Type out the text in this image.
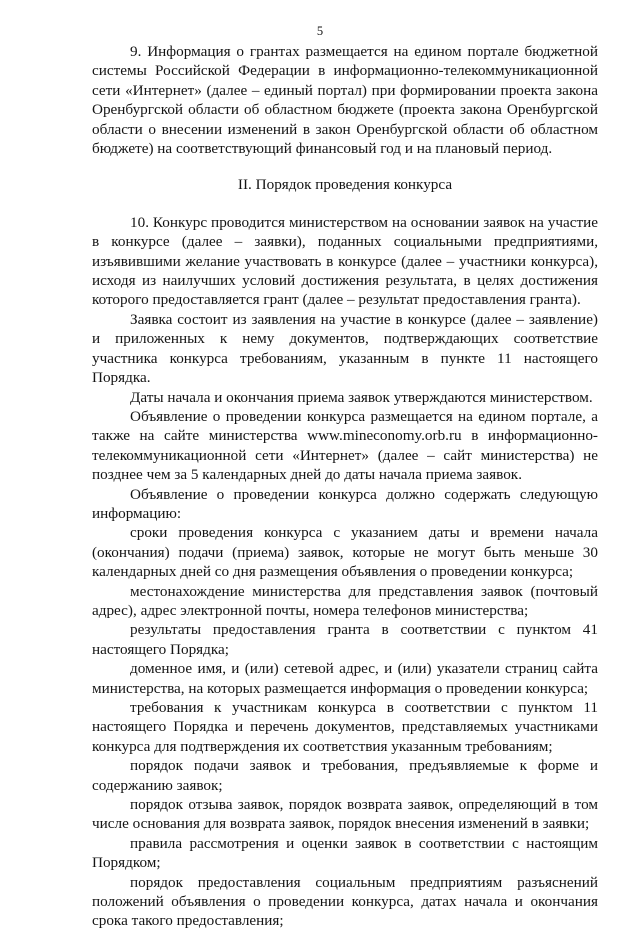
5

9. Информация о грантах размещается на едином портале бюджетной системы Российской Федерации в информационно-телекоммуникационной сети «Интернет» (далее – единый портал) при формировании проекта закона Оренбургской области об областном бюджете (проекта закона Оренбургской области о внесении изменений в закон Оренбургской области об областном бюджете) на соответствующий финансовый год и на плановый период.

II. Порядок проведения конкурса

10. Конкурс проводится министерством на основании заявок на участие в конкурсе (далее – заявки), поданных социальными предприятиями, изъявившими желание участвовать в конкурсе (далее – участники конкурса), исходя из наилучших условий достижения результата, в целях достижения которого предоставляется грант (далее – результат предоставления гранта).

Заявка состоит из заявления на участие в конкурсе (далее – заявление) и приложенных к нему документов, подтверждающих соответствие участника конкурса требованиям, указанным в пункте 11 настоящего Порядка.

Даты начала и окончания приема заявок утверждаются министерством.

Объявление о проведении конкурса размещается на едином портале, а также на сайте министерства www.mineconomy.orb.ru в информационно-телекоммуникационной сети «Интернет» (далее – сайт министерства) не позднее чем за 5 календарных дней до даты начала приема заявок.

Объявление о проведении конкурса должно содержать следующую информацию:

сроки проведения конкурса с указанием даты и времени начала (окончания) подачи (приема) заявок, которые не могут быть меньше 30 календарных дней со дня размещения объявления о проведении конкурса;

местонахождение министерства для представления заявок (почтовый адрес), адрес электронной почты, номера телефонов министерства;

результаты предоставления гранта в соответствии с пунктом 41 настоящего Порядка;

доменное имя, и (или) сетевой адрес, и (или) указатели страниц сайта министерства, на которых размещается информация о проведении конкурса;

требования к участникам конкурса в соответствии с пунктом 11 настоящего Порядка и перечень документов, представляемых участниками конкурса для подтверждения их соответствия указанным требованиям;

порядок подачи заявок и требования, предъявляемые к форме и содержанию заявок;

порядок отзыва заявок, порядок возврата заявок, определяющий в том числе основания для возврата заявок, порядок внесения изменений в заявки;

правила рассмотрения и оценки заявок в соответствии с настоящим Порядком;

порядок предоставления социальным предприятиям разъяснений положений объявления о проведении конкурса, датах начала и окончания срока такого предоставления;
